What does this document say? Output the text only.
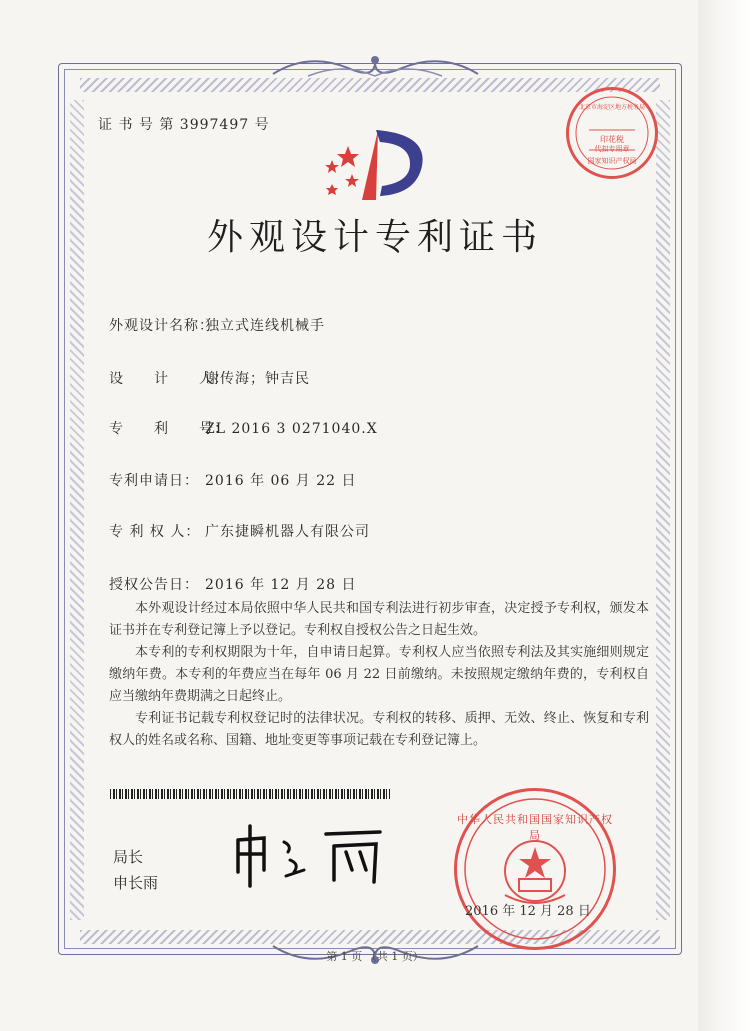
证 书 号 第 3997497 号
外观设计专利证书
外观设计名称：独立式连线机械手
设　　计　　人：谢传海；钟吉民
专　　利　　号：ZL 2016 3 0271040.X
专利申请日： 2016 年 06 月 22 日
专 利 权 人： 广东捷瞬机器人有限公司
授权公告日： 2016 年 12 月 28 日

本外观设计经过本局依照中华人民共和国专利法进行初步审查，决定授予专利权，颁发本证书并在专利登记簿上予以登记。专利权自授权公告之日起生效。

本专利的专利权期限为十年，自申请日起算。专利权人应当依照专利法及其实施细则规定缴纳年费。本专利的年费应当在每年 06 月 22 日前缴纳。未按照规定缴纳年费的，专利权自应当缴纳年费期满之日起终止。

专利证书记载专利权登记时的法律状况。专利权的转移、质押、无效、终止、恢复和专利权人的姓名或名称、国籍、地址变更等事项记载在专利登记簿上。

局长
申长雨
印花税
代扣专用章
北京市海淀区地方税务局
国家知识产权局
中华人民共和国国家知识产权局
2016 年 12 月 28 日
第 1 页 （共 1 页）
